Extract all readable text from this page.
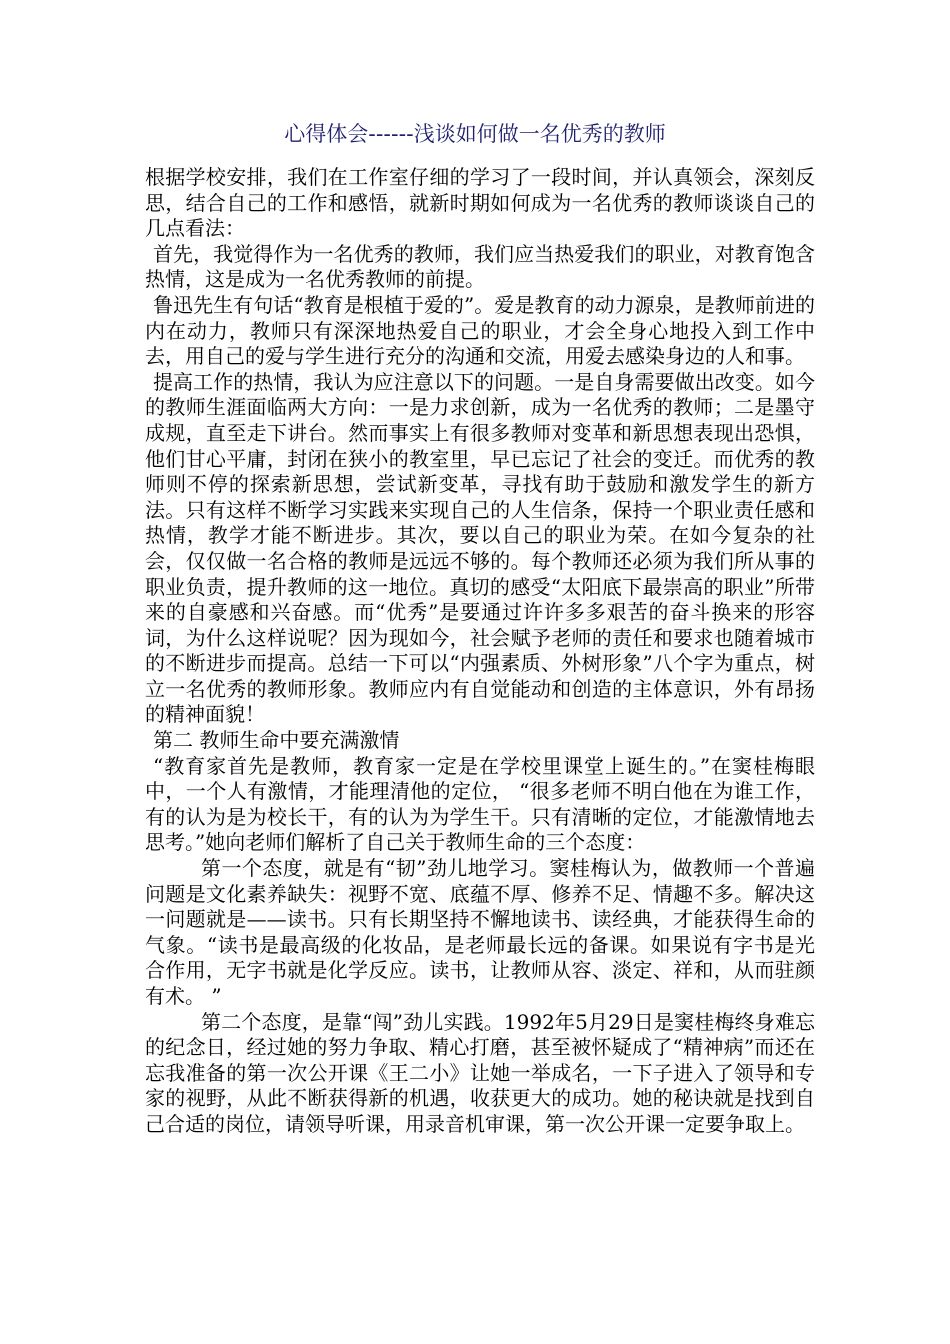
心得体会------浅谈如何做一名优秀的教师

根据学校安排，我们在工作室仔细的学习了一段时间，并认真领会，深刻反思，结合自己的工作和感悟，就新时期如何成为一名优秀的教师谈谈自己的几点看法：

首先，我觉得作为一名优秀的教师，我们应当热爱我们的职业，对教育饱含热情，这是成为一名优秀教师的前提。

鲁迅先生有句话“教育是根植于爱的”。爱是教育的动力源泉，是教师前进的内在动力，教师只有深深地热爱自己的职业，才会全身心地投入到工作中去，用自己的爱与学生进行充分的沟通和交流，用爱去感染身边的人和事。

提高工作的热情，我认为应注意以下的问题。一是自身需要做出改变。如今的教师生涯面临两大方向：一是力求创新，成为一名优秀的教师；二是墨守成规，直至走下讲台。然而事实上有很多教师对变革和新思想表现出恐惧，他们甘心平庸，封闭在狭小的教室里，早已忘记了社会的变迁。而优秀的教师则不停的探索新思想，尝试新变革，寻找有助于鼓励和激发学生的新方法。只有这样不断学习实践来实现自己的人生信条，保持一个职业责任感和热情，教学才能不断进步。其次，要以自己的职业为荣。在如今复杂的社会，仅仅做一名合格的教师是远远不够的。每个教师还必须为我们所从事的职业负责，提升教师的这一地位。真切的感受“太阳底下最崇高的职业”所带来的自豪感和兴奋感。而“优秀”是要通过许许多多艰苦的奋斗换来的形容词，为什么这样说呢？因为现如今，社会赋予老师的责任和要求也随着城市的不断进步而提高。总结一下可以“内强素质、外树形象”八个字为重点，树立一名优秀的教师形象。教师应内有自觉能动和创造的主体意识，外有昂扬的精神面貌！

第二 教师生命中要充满激情

“教育家首先是教师，教育家一定是在学校里课堂上诞生的。”在窦桂梅眼中，一个人有激情，才能理清他的定位， “很多老师不明白他在为谁工作，有的认为是为校长干，有的认为为学生干。只有清晰的定位，才能激情地去思考。”她向老师们解析了自己关于教师生命的三个态度：

第一个态度，就是有“韧”劲儿地学习。窦桂梅认为，做教师一个普遍问题是文化素养缺失：视野不宽、底蕴不厚、修养不足、情趣不多。解决这一问题就是——读书。只有长期坚持不懈地读书、读经典，才能获得生命的气象。“读书是最高级的化妆品，是老师最长远的备课。如果说有字书是光合作用，无字书就是化学反应。读书，让教师从容、淡定、祥和，从而驻颜有术。 ”

第二个态度，是靠“闯”劲儿实践。1992年5月29日是窦桂梅终身难忘的纪念日，经过她的努力争取、精心打磨，甚至被怀疑成了“精神病”而还在忘我准备的第一次公开课《王二小》让她一举成名，一下子进入了领导和专家的视野，从此不断获得新的机遇，收获更大的成功。她的秘诀就是找到自己合适的岗位，请领导听课，用录音机审课，第一次公开课一定要争取上。
